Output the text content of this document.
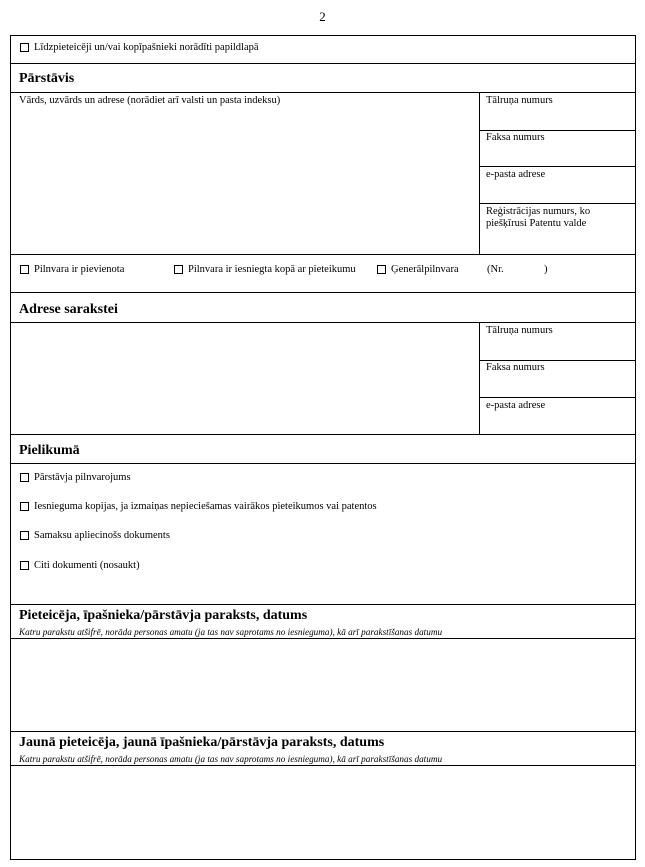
2
Līdzpieteicēji un/vai kopīpašnieki norādīti papildlapā
Pārstāvis
Vārds, uzvārds un adrese (norādiet arī valsti un pasta indeksu)	Tālruņa numurs
Faksa numurs
e-pasta adrese
Reģistrācijas numurs, ko piešķīrusi Patentu valde
Pilnvara ir pievienota	Pilnvara ir iesniegta kopā ar pieteikumu	Ģenerālpilnvara	(Nr.	)
Adrese sarakstei
Tālruņa numurs
Faksa numurs
e-pasta adrese
Pielikumā
Pārstāvja pilnvarojums
Iesnieguma kopijas, ja izmaiņas nepieciešamas vairākos pieteikumos vai patentos
Samaksu apliecinošs dokuments
Citi dokumenti (nosaukt)
Pieteicēja, īpašnieka/pārstāvja paraksts, datums
Katru parakstu atšifrē, norāda personas amatu (ja tas nav saprotams no iesnieguma), kā arī parakstīšanas datumu
Jaunā pieteicēja, jaunā īpašnieka/pārstāvja paraksts, datums
Katru parakstu atšifrē, norāda personas amatu (ja tas nav saprotams no iesnieguma), kā arī parakstīšanas datumu
